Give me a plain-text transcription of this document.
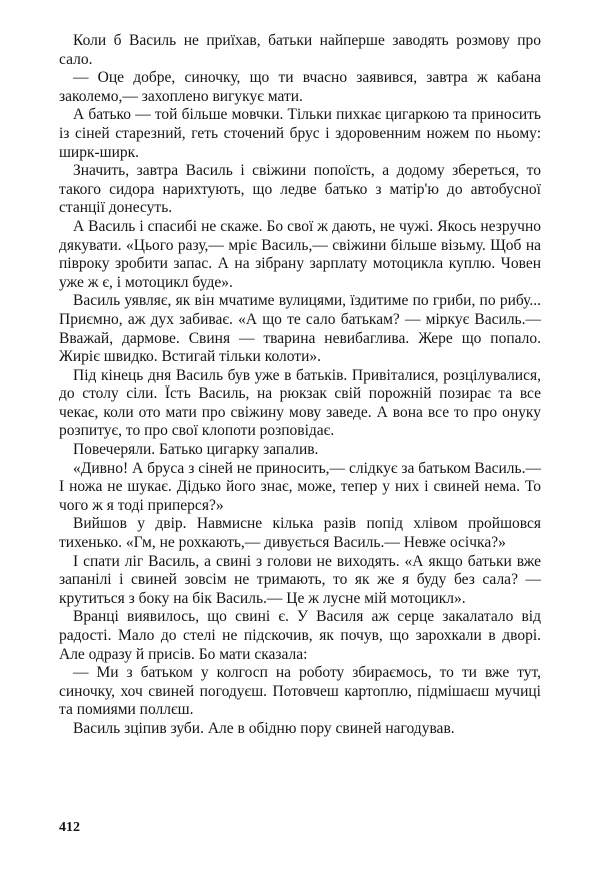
Коли б Василь не приїхав, батьки найперше заводять розмову про сало.

— Оце добре, синочку, що ти вчасно заявився, завтра ж кабана заколемо,— захоплено вигукує мати.

А батько — той більше мовчки. Тільки пихкає цигаркою та приносить із сіней старезний, геть сточений брус і здоровенним ножем по ньому: ширк-ширк.

Значить, завтра Василь і свіжини попоїсть, а додому збереться, то такого сидора нарихтують, що ледве батько з матір'ю до автобусної станції донесуть.

А Василь і спасибі не скаже. Бо свої ж дають, не чужі. Якось незручно дякувати. «Цього разу,— мріє Василь,— свіжини більше візьму. Щоб на півроку зробити запас. А на зібрану зарплату мотоцикла куплю. Човен уже ж є, і мотоцикл буде».

Василь уявляє, як він мчатиме вулицями, їздитиме по гриби, по рибу... Приємно, аж дух забиває. «А що те сало батькам? — міркує Василь.— Вважай, дармове. Свиня — тварина невибаглива. Жере що попало. Жиріє швидко. Встигай тільки колоти».

Під кінець дня Василь був уже в батьків. Привіталися, розцілувалися, до столу сіли. Їсть Василь, на рюкзак свій порожній позирає та все чекає, коли ото мати про свіжину мову заведе. А вона все то про онуку розпитує, то про свої клопоти розповідає.

Повечеряли. Батько цигарку запалив.

«Дивно! А бруса з сіней не приносить,— слідкує за батьком Василь.— І ножа не шукає. Дідько його знає, може, тепер у них і свиней нема. То чого ж я тоді приперся?»

Вийшов у двір. Навмисне кілька разів попід хлівом пройшовся тихенько. «Гм, не рохкають,— дивується Василь.— Невже осічка?»

І спати ліг Василь, а свині з голови не виходять. «А якщо батьки вже запанілі і свиней зовсім не тримають, то як же я буду без сала? — крутиться з боку на бік Василь.— Це ж лусне мій мотоцикл».

Вранці виявилось, що свині є. У Василя аж серце закалатало від радості. Мало до стелі не підскочив, як почув, що зарохкали в дворі. Але одразу й присів. Бо мати сказала:

— Ми з батьком у колгосп на роботу збираємось, то ти вже тут, синочку, хоч свиней погодуєш. Потовчеш картоплю, підмішаєш мучиці та помиями поллєш.

Василь зціпив зуби. Але в обідню пору свиней нагодував.

412
